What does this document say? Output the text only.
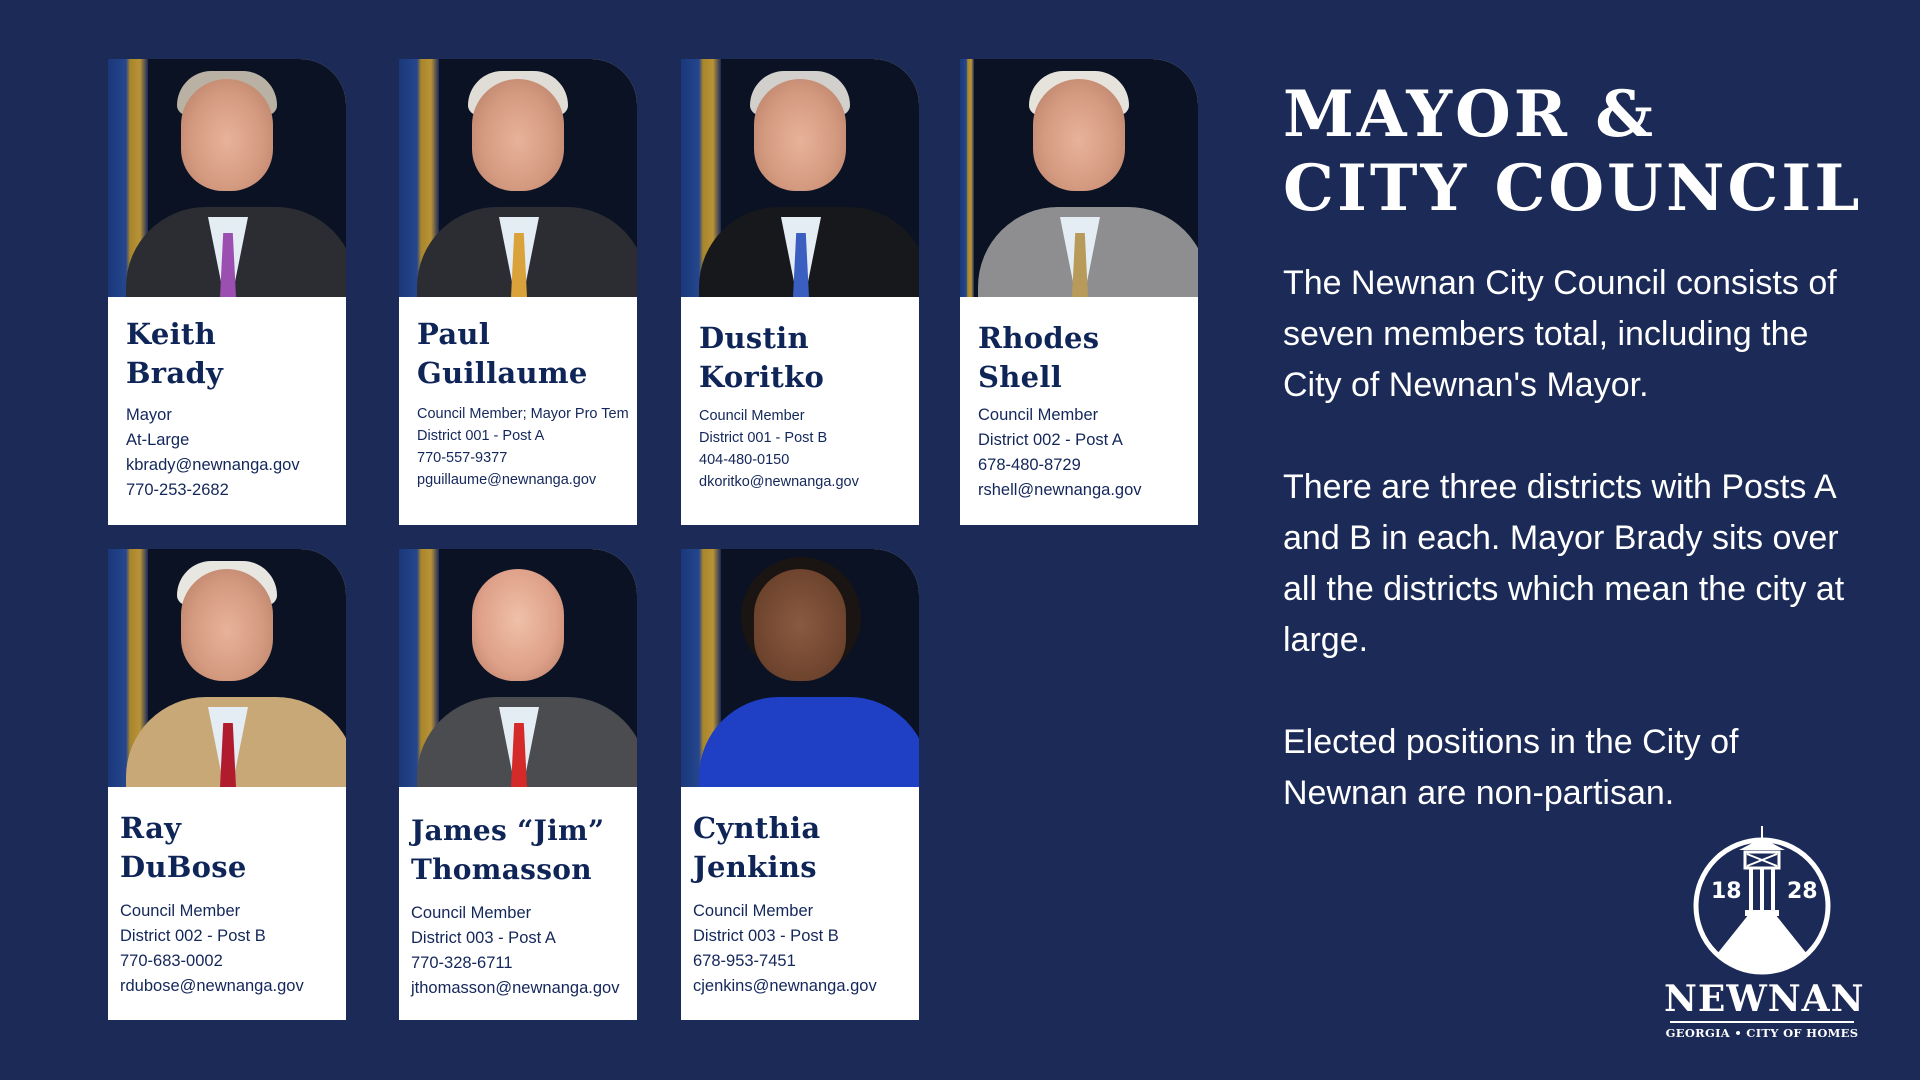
Keith
Brady
Mayor
At-Large
kbrady@newnanga.gov
770-253-2682
Paul
Guillaume
Council Member; Mayor Pro Tem
District 001 - Post A
770-557-9377
pguillaume@newnanga.gov
Dustin
Koritko
Council Member
District 001 - Post B
404-480-0150
dkoritko@newnanga.gov
Rhodes
Shell
Council Member
District 002 - Post A
678-480-8729
rshell@newnanga.gov
Ray
DuBose
Council Member
District 002 - Post B
770-683-0002
rdubose@newnanga.gov
James “Jim”
Thomasson
Council Member
District 003 - Post A
770-328-6711
jthomasson@newnanga.gov
Cynthia
Jenkins
Council Member
District 003 - Post B
678-953-7451
cjenkins@newnanga.gov
MAYOR &
CITY COUNCIL

The Newnan City Council consists of seven members total, including the City of Newnan's Mayor.

There are three districts with Posts A and B in each. Mayor Brady sits over all the districts which mean the city at large.

Elected positions in the City of Newnan are non-partisan.

18 28
NEWNAN
GEORGIA • CITY OF HOMES
